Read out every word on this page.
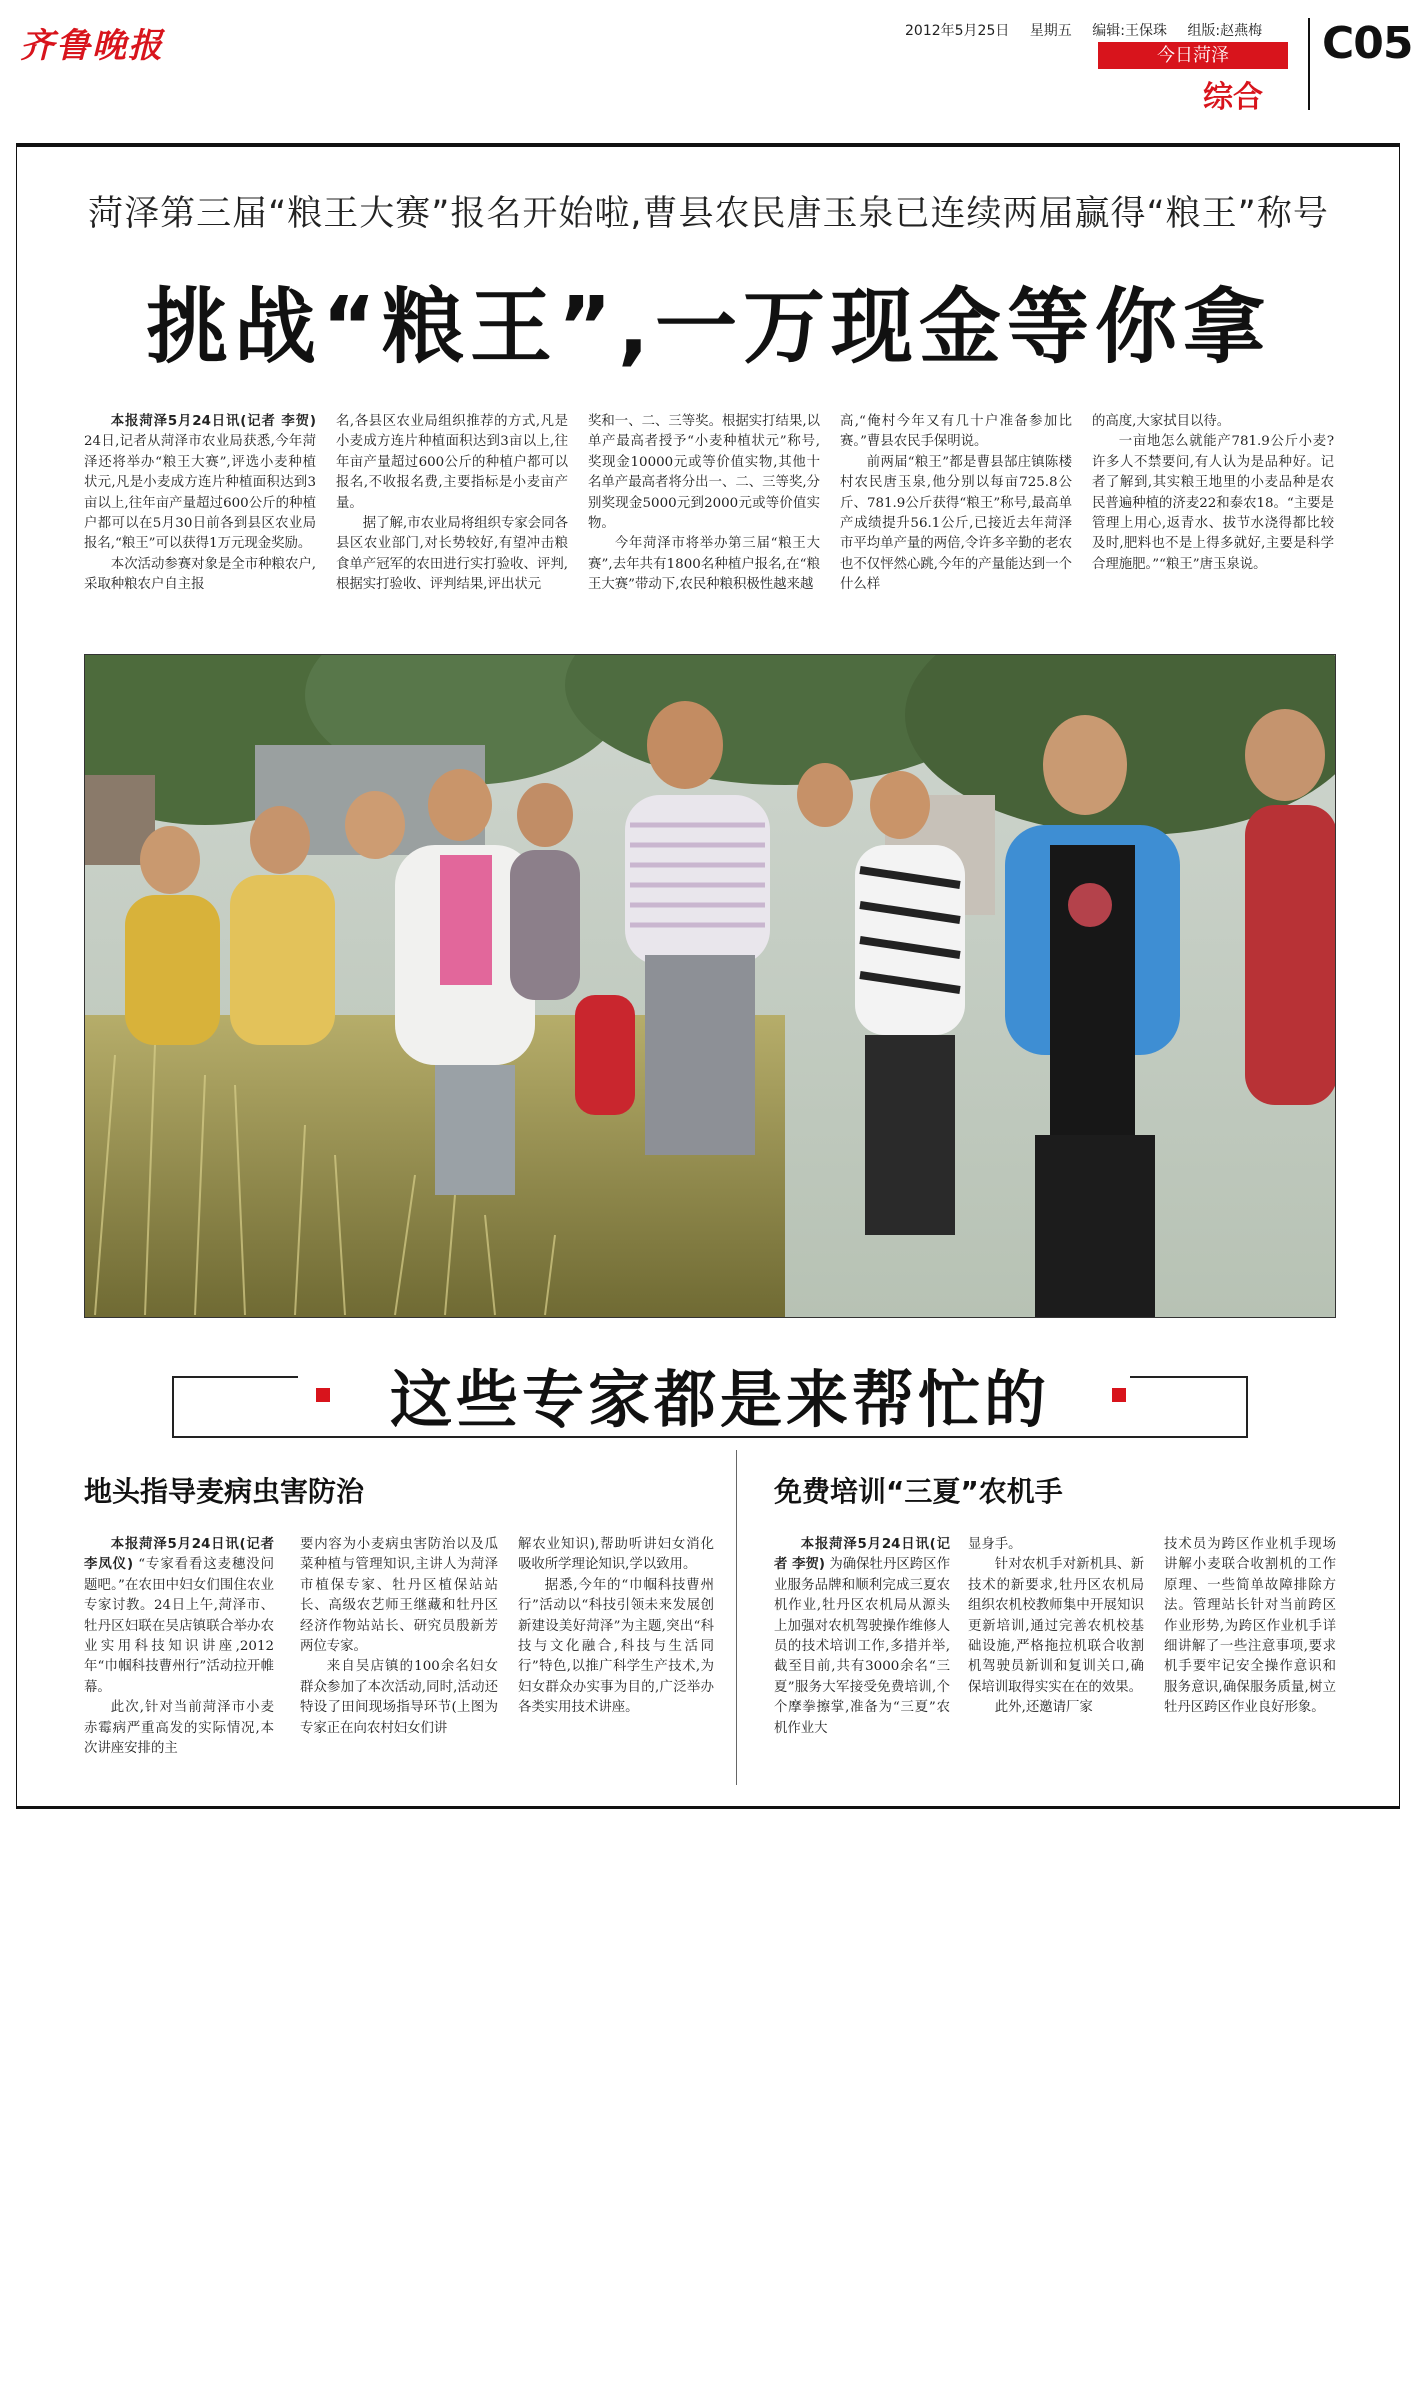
齐鲁晚报	2012年5月25日 星期五 编辑:王保珠 组版:赵燕梅
今日菏泽
综合
C05
菏泽第三届“粮王大赛”报名开始啦,曹县农民唐玉泉已连续两届赢得“粮王”称号
挑战“粮王”,一万现金等你拿

本报菏泽5月24日讯(记者 李贺) 24日,记者从菏泽市农业局获悉,今年菏泽还将举办“粮王大赛”,评选小麦种植状元,凡是小麦成方连片种植面积达到3亩以上,往年亩产量超过600公斤的种植户都可以在5月30日前各到县区农业局报名,“粮王”可以获得1万元现金奖励。

本次活动参赛对象是全市种粮农户,采取种粮农户自主报

名,各县区农业局组织推荐的方式,凡是小麦成方连片种植面积达到3亩以上,往年亩产量超过600公斤的种植户都可以报名,不收报名费,主要指标是小麦亩产量。

据了解,市农业局将组织专家会同各县区农业部门,对长势较好,有望冲击粮食单产冠军的农田进行实打验收、评判,根据实打验收、评判结果,评出状元

奖和一、二、三等奖。根据实打结果,以单产最高者授予“小麦种植状元”称号,奖现金10000元或等价值实物,其他十名单产最高者将分出一、二、三等奖,分别奖现金5000元到2000元或等价值实物。

今年菏泽市将举办第三届“粮王大赛”,去年共有1800名种植户报名,在“粮王大赛”带动下,农民种粮积极性越来越

高,“俺村今年又有几十户准备参加比赛。”曹县农民手保明说。

前两届“粮王”都是曹县郜庄镇陈楼村农民唐玉泉,他分别以每亩725.8公斤、781.9公斤获得“粮王”称号,最高单产成绩提升56.1公斤,已接近去年菏泽市平均单产量的两倍,令许多辛勤的老农也不仅怦然心跳,今年的产量能达到一个什么样

的高度,大家拭目以待。

一亩地怎么就能产781.9公斤小麦?许多人不禁要问,有人认为是品种好。记者了解到,其实粮王地里的小麦品种是农民普遍种植的济麦22和泰农18。“主要是管理上用心,返青水、拔节水浇得都比较及时,肥料也不是上得多就好,主要是科学合理施肥。”“粮王”唐玉泉说。

这些专家都是来帮忙的
地头指导麦病虫害防治

本报菏泽5月24日讯(记者 李凤仪) “专家看看这麦穗没问题吧。”在农田中妇女们围住农业专家讨教。24日上午,菏泽市、牡丹区妇联在吴店镇联合举办农业实用科技知识讲座,2012年“巾帼科技曹州行”活动拉开帷幕。

此次,针对当前菏泽市小麦赤霉病严重高发的实际情况,本次讲座安排的主

要内容为小麦病虫害防治以及瓜菜种植与管理知识,主讲人为菏泽市植保专家、牡丹区植保站站长、高级农艺师王继藏和牡丹区经济作物站站长、研究员殷新芳两位专家。

来自吴店镇的100余名妇女群众参加了本次活动,同时,活动还特设了田间现场指导环节(上图为专家正在向农村妇女们讲

解农业知识),帮助听讲妇女消化吸收所学理论知识,学以致用。

据悉,今年的“巾帼科技曹州行”活动以“科技引领未来发展创新建设美好菏泽”为主题,突出“科技与文化融合,科技与生活同行”特色,以推广科学生产技术,为妇女群众办实事为目的,广泛举办各类实用技术讲座。

免费培训“三夏”农机手

本报菏泽5月24日讯(记者 李贺) 为确保牡丹区跨区作业服务品牌和顺利完成三夏农机作业,牡丹区农机局从源头上加强对农机驾驶操作维修人员的技术培训工作,多措并举,截至目前,共有3000余名“三夏”服务大军接受免费培训,个个摩拳擦掌,准备为“三夏”农机作业大

显身手。

针对农机手对新机具、新技术的新要求,牡丹区农机局组织农机校教师集中开展知识更新培训,通过完善农机校基础设施,严格拖拉机联合收割机驾驶员新训和复训关口,确保培训取得实实在在的效果。

此外,还邀请厂家

技术员为跨区作业机手现场讲解小麦联合收割机的工作原理、一些简单故障排除方法。管理站长针对当前跨区作业形势,为跨区作业机手详细讲解了一些注意事项,要求机手要牢记安全操作意识和服务意识,确保服务质量,树立牡丹区跨区作业良好形象。
